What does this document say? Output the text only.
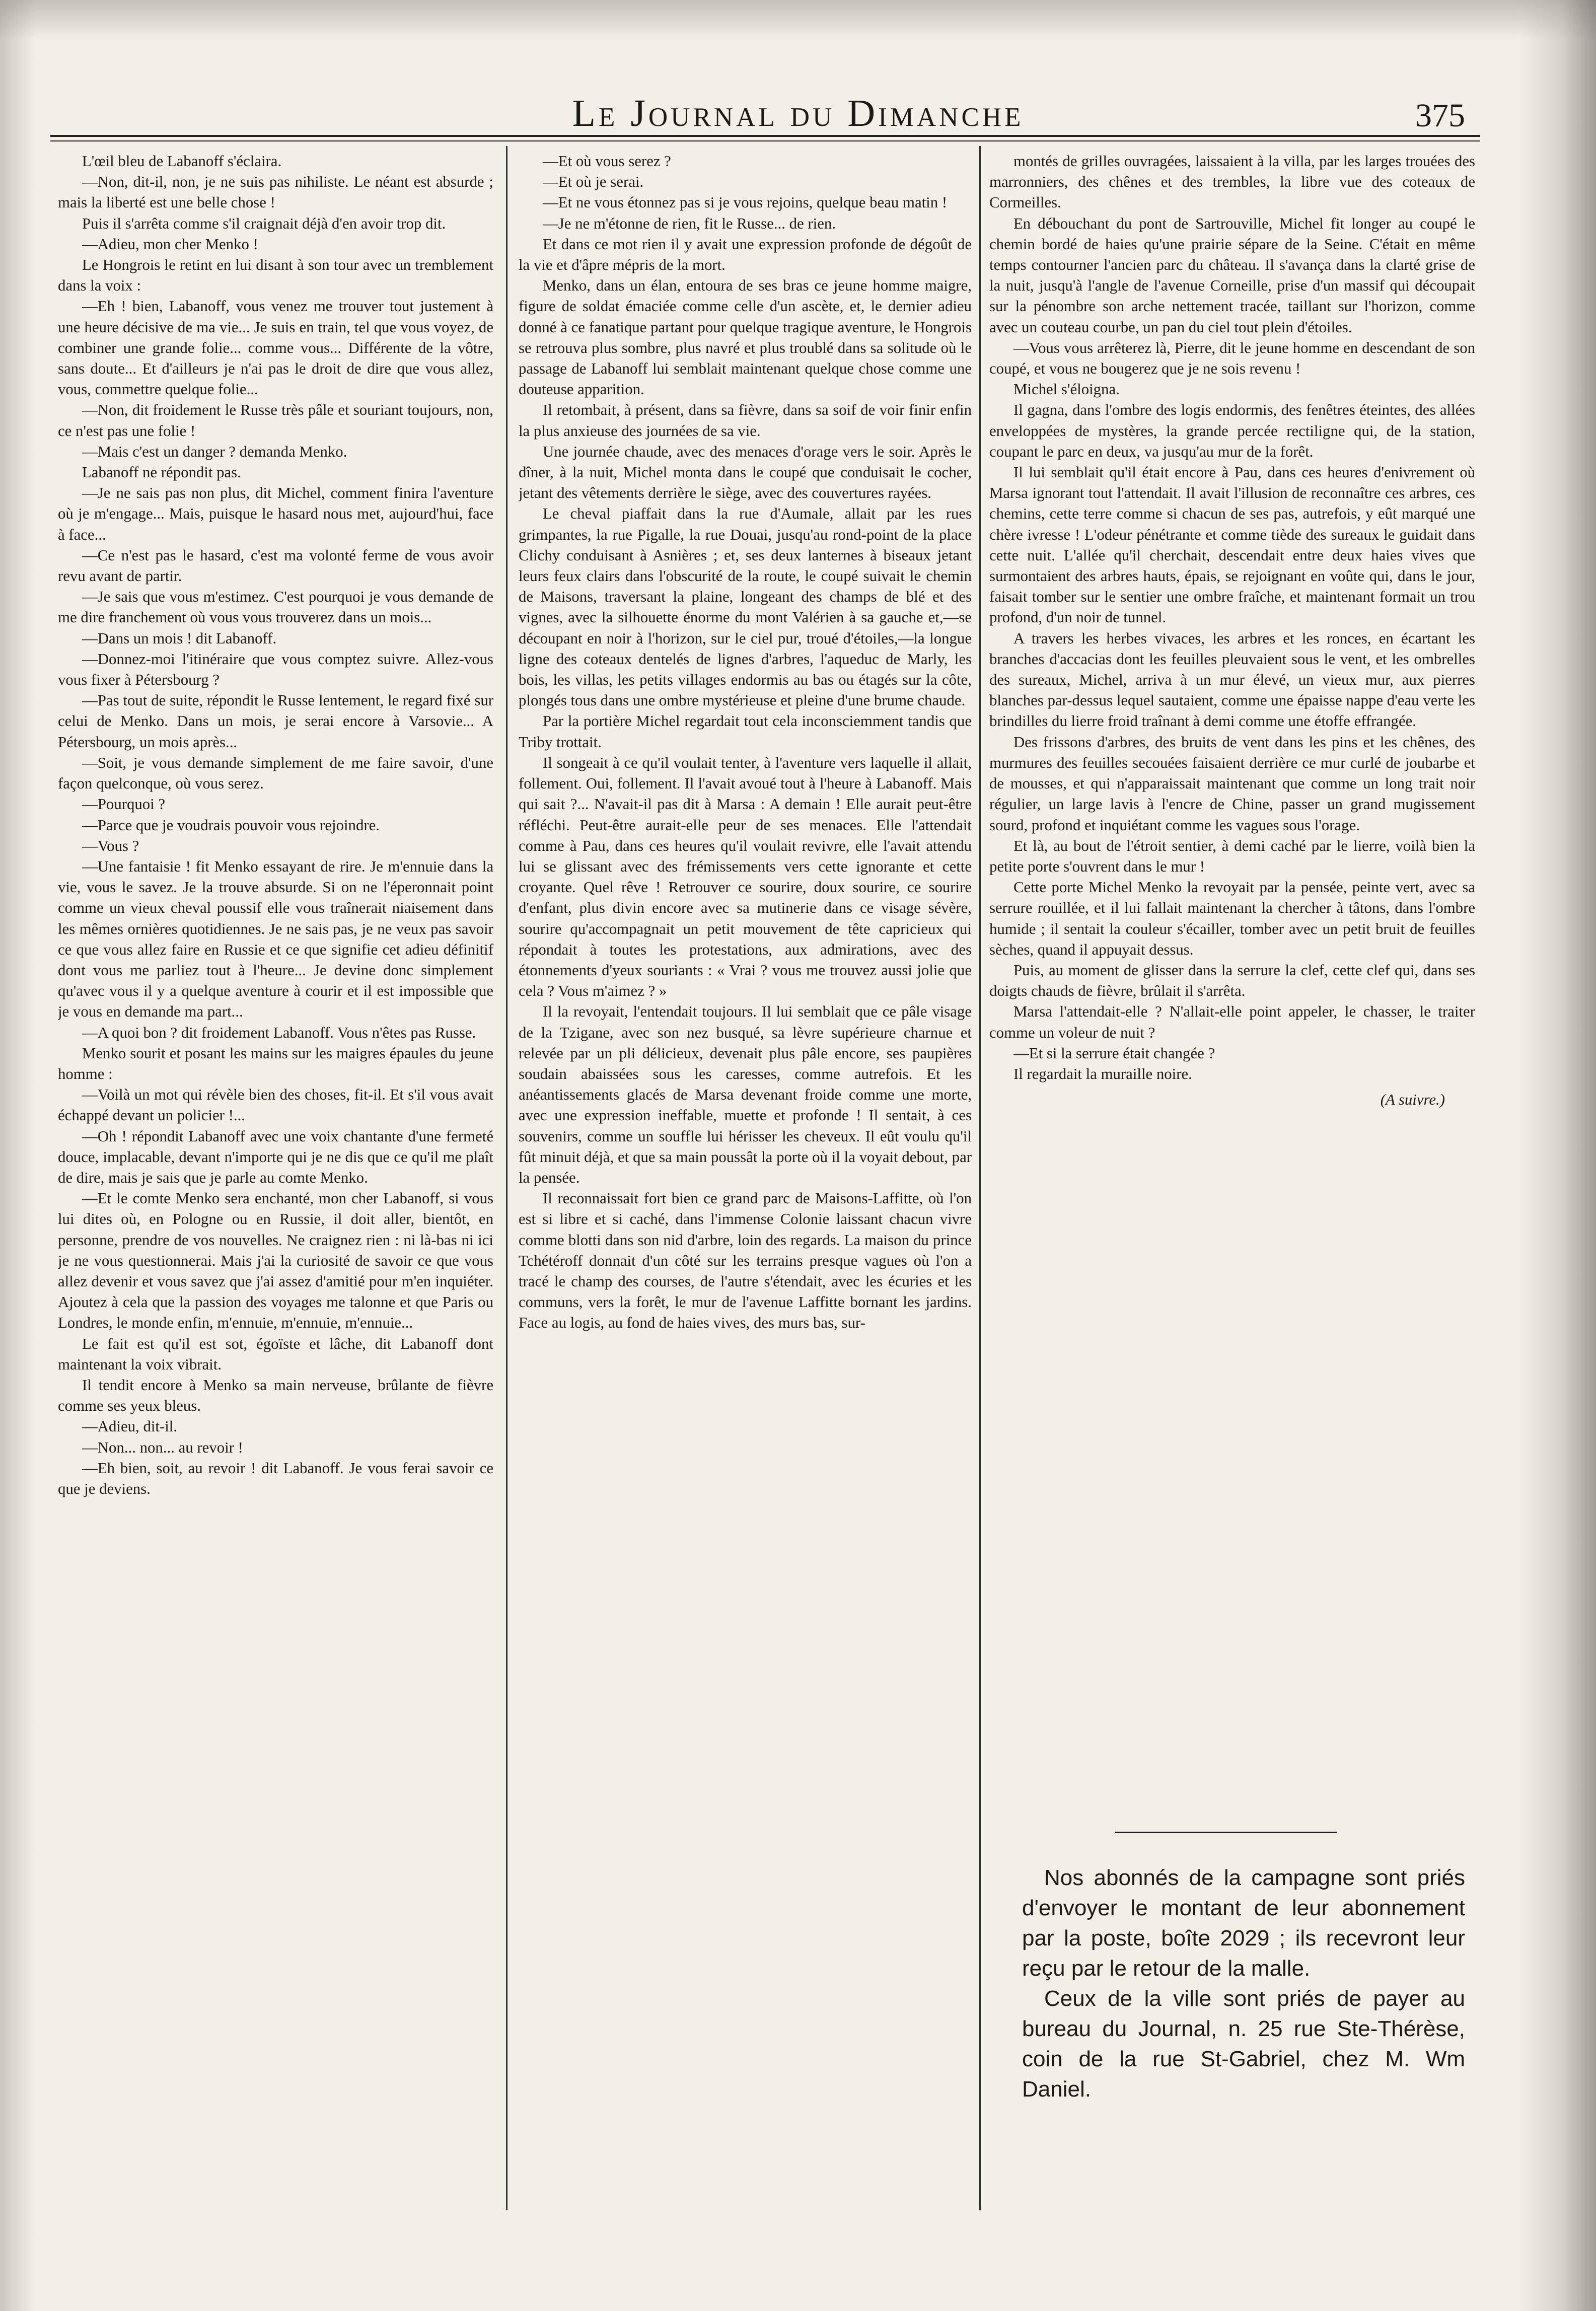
Le Journal du Dimanche	375

L'œil bleu de Labanoff s'éclaira.

—Non, dit-il, non, je ne suis pas nihiliste. Le néant est absurde ; mais la liberté est une belle chose !

Puis il s'arrêta comme s'il craignait déjà d'en avoir trop dit.

—Adieu, mon cher Menko !

Le Hongrois le retint en lui disant à son tour avec un tremblement dans la voix :

—Eh ! bien, Labanoff, vous venez me trouver tout justement à une heure décisive de ma vie... Je suis en train, tel que vous voyez, de combiner une grande folie... comme vous... Différente de la vôtre, sans doute... Et d'ailleurs je n'ai pas le droit de dire que vous allez, vous, commettre quelque folie...

—Non, dit froidement le Russe très pâle et souriant toujours, non, ce n'est pas une folie !

—Mais c'est un danger ? demanda Menko.

Labanoff ne répondit pas.

—Je ne sais pas non plus, dit Michel, comment finira l'aventure où je m'engage... Mais, puisque le hasard nous met, aujourd'hui, face à face...

—Ce n'est pas le hasard, c'est ma volonté ferme de vous avoir revu avant de partir.

—Je sais que vous m'estimez. C'est pourquoi je vous demande de me dire franchement où vous vous trouverez dans un mois...

—Dans un mois ! dit Labanoff.

—Donnez-moi l'itinéraire que vous comptez suivre. Allez-vous vous fixer à Pétersbourg ?

—Pas tout de suite, répondit le Russe lentement, le regard fixé sur celui de Menko. Dans un mois, je serai encore à Varsovie... A Pétersbourg, un mois après...

—Soit, je vous demande simplement de me faire savoir, d'une façon quelconque, où vous serez.

—Pourquoi ?

—Parce que je voudrais pouvoir vous rejoindre.

—Vous ?

—Une fantaisie ! fit Menko essayant de rire. Je m'ennuie dans la vie, vous le savez. Je la trouve absurde. Si on ne l'éperonnait point comme un vieux cheval poussif elle vous traînerait niaisement dans les mêmes ornières quotidiennes. Je ne sais pas, je ne veux pas savoir ce que vous allez faire en Russie et ce que signifie cet adieu définitif dont vous me parliez tout à l'heure... Je devine donc simplement qu'avec vous il y a quelque aventure à courir et il est impossible que je vous en demande ma part...

—A quoi bon ? dit froidement Labanoff. Vous n'êtes pas Russe.

Menko sourit et posant les mains sur les maigres épaules du jeune homme :

—Voilà un mot qui révèle bien des choses, fit-il. Et s'il vous avait échappé devant un policier !...

—Oh ! répondit Labanoff avec une voix chantante d'une fermeté douce, implacable, devant n'importe qui je ne dis que ce qu'il me plaît de dire, mais je sais que je parle au comte Menko.

—Et le comte Menko sera enchanté, mon cher Labanoff, si vous lui dites où, en Pologne ou en Russie, il doit aller, bientôt, en personne, prendre de vos nouvelles. Ne craignez rien : ni là-bas ni ici je ne vous questionnerai. Mais j'ai la curiosité de savoir ce que vous allez devenir et vous savez que j'ai assez d'amitié pour m'en inquiéter. Ajoutez à cela que la passion des voyages me talonne et que Paris ou Londres, le monde enfin, m'ennuie, m'ennuie, m'ennuie...

Le fait est qu'il est sot, égoïste et lâche, dit Labanoff dont maintenant la voix vibrait.

Il tendit encore à Menko sa main nerveuse, brûlante de fièvre comme ses yeux bleus.

—Adieu, dit-il.

—Non... non... au revoir !

—Eh bien, soit, au revoir ! dit Labanoff. Je vous ferai savoir ce que je deviens.

—Et où vous serez ?

—Et où je serai.

—Et ne vous étonnez pas si je vous rejoins, quelque beau matin !

—Je ne m'étonne de rien, fit le Russe... de rien.

Et dans ce mot rien il y avait une expression profonde de dégoût de la vie et d'âpre mépris de la mort.

Menko, dans un élan, entoura de ses bras ce jeune homme maigre, figure de soldat émaciée comme celle d'un ascète, et, le dernier adieu donné à ce fanatique partant pour quelque tragique aventure, le Hongrois se retrouva plus sombre, plus navré et plus troublé dans sa solitude où le passage de Labanoff lui semblait maintenant quelque chose comme une douteuse apparition.

Il retombait, à présent, dans sa fièvre, dans sa soif de voir finir enfin la plus anxieuse des journées de sa vie.

Une journée chaude, avec des menaces d'orage vers le soir. Après le dîner, à la nuit, Michel monta dans le coupé que conduisait le cocher, jetant des vêtements derrière le siège, avec des couvertures rayées.

Le cheval piaffait dans la rue d'Aumale, allait par les rues grimpantes, la rue Pigalle, la rue Douai, jusqu'au rond-point de la place Clichy conduisant à Asnières ; et, ses deux lanternes à biseaux jetant leurs feux clairs dans l'obscurité de la route, le coupé suivait le chemin de Maisons, traversant la plaine, longeant des champs de blé et des vignes, avec la silhouette énorme du mont Valérien à sa gauche et,—se découpant en noir à l'horizon, sur le ciel pur, troué d'étoiles,—la longue ligne des coteaux dentelés de lignes d'arbres, l'aqueduc de Marly, les bois, les villas, les petits villages endormis au bas ou étagés sur la côte, plongés tous dans une ombre mystérieuse et pleine d'une brume chaude.

Par la portière Michel regardait tout cela inconsciemment tandis que Triby trottait.

Il songeait à ce qu'il voulait tenter, à l'aventure vers laquelle il allait, follement. Oui, follement. Il l'avait avoué tout à l'heure à Labanoff. Mais qui sait ?... N'avait-il pas dit à Marsa : A demain ! Elle aurait peut-être réfléchi. Peut-être aurait-elle peur de ses menaces. Elle l'attendait comme à Pau, dans ces heures qu'il voulait revivre, elle l'avait attendu lui se glissant avec des frémissements vers cette ignorante et cette croyante. Quel rêve ! Retrouver ce sourire, doux sourire, ce sourire d'enfant, plus divin encore avec sa mutinerie dans ce visage sévère, sourire qu'accompagnait un petit mouvement de tête capricieux qui répondait à toutes les protestations, aux admirations, avec des étonnements d'yeux souriants : « Vrai ? vous me trouvez aussi jolie que cela ? Vous m'aimez ? »

Il la revoyait, l'entendait toujours. Il lui semblait que ce pâle visage de la Tzigane, avec son nez busqué, sa lèvre supérieure charnue et relevée par un pli délicieux, devenait plus pâle encore, ses paupières soudain abaissées sous les caresses, comme autrefois. Et les anéantissements glacés de Marsa devenant froide comme une morte, avec une expression ineffable, muette et profonde ! Il sentait, à ces souvenirs, comme un souffle lui hérisser les cheveux. Il eût voulu qu'il fût minuit déjà, et que sa main poussât la porte où il la voyait debout, par la pensée.

Il reconnaissait fort bien ce grand parc de Maisons-Laffitte, où l'on est si libre et si caché, dans l'immense Colonie laissant chacun vivre comme blotti dans son nid d'arbre, loin des regards. La maison du prince Tchétéroff donnait d'un côté sur les terrains presque vagues où l'on a tracé le champ des courses, de l'autre s'étendait, avec les écuries et les communs, vers la forêt, le mur de l'avenue Laffitte bornant les jardins. Face au logis, au fond de haies vives, des murs bas, sur-

montés de grilles ouvragées, laissaient à la villa, par les larges trouées des marronniers, des chênes et des trembles, la libre vue des coteaux de Cormeilles.

En débouchant du pont de Sartrouville, Michel fit longer au coupé le chemin bordé de haies qu'une prairie sépare de la Seine. C'était en même temps contourner l'ancien parc du château. Il s'avança dans la clarté grise de la nuit, jusqu'à l'angle de l'avenue Corneille, prise d'un massif qui découpait sur la pénombre son arche nettement tracée, taillant sur l'horizon, comme avec un couteau courbe, un pan du ciel tout plein d'étoiles.

—Vous vous arrêterez là, Pierre, dit le jeune homme en descendant de son coupé, et vous ne bougerez que je ne sois revenu !

Michel s'éloigna.

Il gagna, dans l'ombre des logis endormis, des fenêtres éteintes, des allées enveloppées de mystères, la grande percée rectiligne qui, de la station, coupant le parc en deux, va jusqu'au mur de la forêt.

Il lui semblait qu'il était encore à Pau, dans ces heures d'enivrement où Marsa ignorant tout l'attendait. Il avait l'illusion de reconnaître ces arbres, ces chemins, cette terre comme si chacun de ses pas, autrefois, y eût marqué une chère ivresse ! L'odeur pénétrante et comme tiède des sureaux le guidait dans cette nuit. L'allée qu'il cherchait, descendait entre deux haies vives que surmontaient des arbres hauts, épais, se rejoignant en voûte qui, dans le jour, faisait tomber sur le sentier une ombre fraîche, et maintenant formait un trou profond, d'un noir de tunnel.

A travers les herbes vivaces, les arbres et les ronces, en écartant les branches d'accacias dont les feuilles pleuvaient sous le vent, et les ombrelles des sureaux, Michel, arriva à un mur élevé, un vieux mur, aux pierres blanches par-dessus lequel sautaient, comme une épaisse nappe d'eau verte les brindilles du lierre froid traînant à demi comme une étoffe effrangée.

Des frissons d'arbres, des bruits de vent dans les pins et les chênes, des murmures des feuilles secouées faisaient derrière ce mur curlé de joubarbe et de mousses, et qui n'apparaissait maintenant que comme un long trait noir régulier, un large lavis à l'encre de Chine, passer un grand mugissement sourd, profond et inquiétant comme les vagues sous l'orage.

Et là, au bout de l'étroit sentier, à demi caché par le lierre, voilà bien la petite porte s'ouvrent dans le mur !

Cette porte Michel Menko la revoyait par la pensée, peinte vert, avec sa serrure rouillée, et il lui fallait maintenant la chercher à tâtons, dans l'ombre humide ; il sentait la couleur s'écailler, tomber avec un petit bruit de feuilles sèches, quand il appuyait dessus.

Puis, au moment de glisser dans la serrure la clef, cette clef qui, dans ses doigts chauds de fièvre, brûlait il s'arrêta.

Marsa l'attendait-elle ? N'allait-elle point appeler, le chasser, le traiter comme un voleur de nuit ?

—Et si la serrure était changée ?

Il regardait la muraille noire.

(A suivre.)

Nos abonnés de la campagne sont priés d'envoyer le montant de leur abonnement par la poste, boîte 2029 ; ils recevront leur reçu par le retour de la malle.

Ceux de la ville sont priés de payer au bureau du Journal, n. 25 rue Ste-Thérèse, coin de la rue St-Gabriel, chez M. Wm Daniel.
